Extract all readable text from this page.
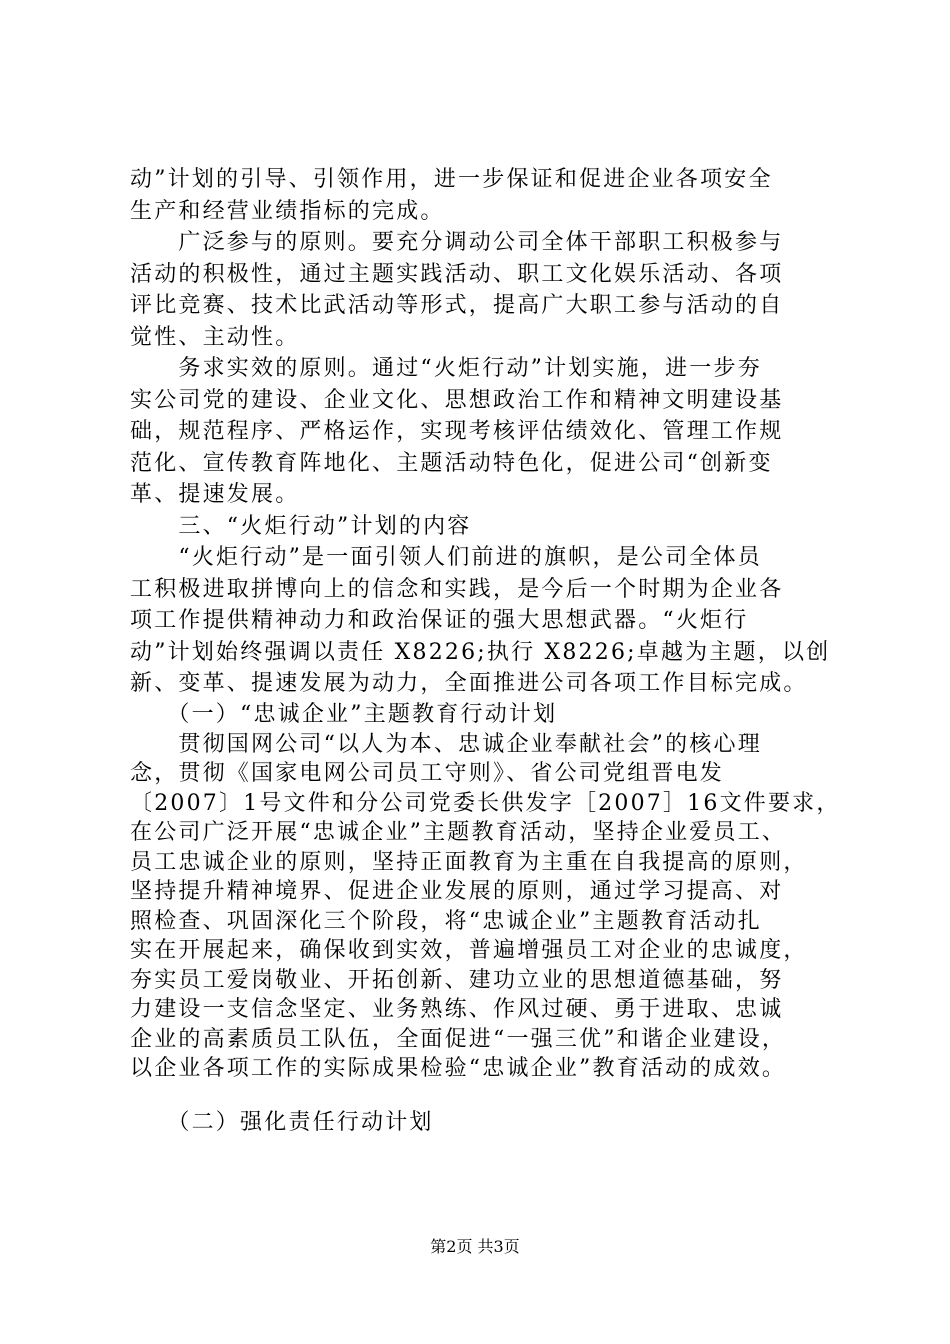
动”计划的引导、引领作用，进一步保证和促进企业各项安全
生产和经营业绩指标的完成。
　　广泛参与的原则。要充分调动公司全体干部职工积极参与
活动的积极性，通过主题实践活动、职工文化娱乐活动、各项
评比竞赛、技术比武活动等形式，提高广大职工参与活动的自
觉性、主动性。
　　务求实效的原则。通过“火炬行动”计划实施，进一步夯
实公司党的建设、企业文化、思想政治工作和精神文明建设基
础，规范程序、严格运作，实现考核评估绩效化、管理工作规
范化、宣传教育阵地化、主题活动特色化，促进公司“创新变
革、提速发展。
　　三、“火炬行动”计划的内容
　　“火炬行动”是一面引领人们前进的旗帜，是公司全体员
工积极进取拼博向上的信念和实践，是今后一个时期为企业各
项工作提供精神动力和政治保证的强大思想武器。“火炬行
动”计划始终强调以责任 X8226;执行 X8226;卓越为主题，以创
新、变革、提速发展为动力，全面推进公司各项工作目标完成。
　　（一）“忠诚企业”主题教育行动计划
　　贯彻国网公司“以人为本、忠诚企业奉献社会”的核心理
念，贯彻《国家电网公司员工守则》、省公司党组晋电发
〔2007〕1号文件和分公司党委长供发字［2007］16文件要求，
在公司广泛开展“忠诚企业”主题教育活动，坚持企业爱员工、
员工忠诚企业的原则，坚持正面教育为主重在自我提高的原则，
坚持提升精神境界、促进企业发展的原则，通过学习提高、对
照检查、巩固深化三个阶段，将“忠诚企业”主题教育活动扎
实在开展起来，确保收到实效，普遍增强员工对企业的忠诚度，
夯实员工爱岗敬业、开拓创新、建功立业的思想道德基础，努
力建设一支信念坚定、业务熟练、作风过硬、勇于进取、忠诚
企业的高素质员工队伍，全面促进“一强三优”和谐企业建设，
以企业各项工作的实际成果检验“忠诚企业”教育活动的成效。
　　（二）强化责任行动计划
第2页 共3页
